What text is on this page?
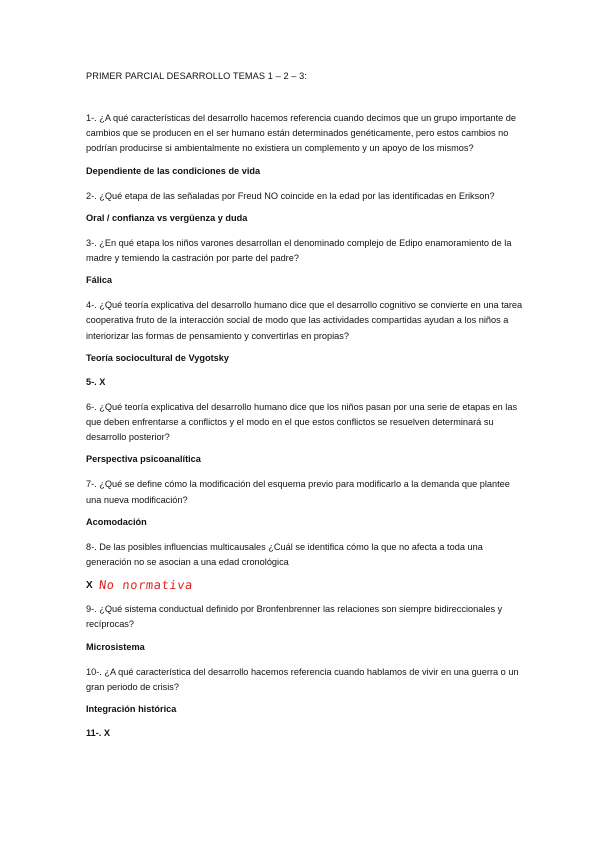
PRIMER PARCIAL DESARROLLO TEMAS 1 – 2 – 3:

1-. ¿A qué características del desarrollo hacemos referencia cuando decimos que un grupo importante de cambios que se producen en el ser humano están determinados genéticamente, pero estos cambios no podrían producirse si ambientalmente no existiera un complemento y un apoyo de los mismos?

Dependiente de las condiciones de vida

2-. ¿Qué etapa de las señaladas por Freud NO coincide en la edad por las identificadas en Erikson?

Oral / confianza vs vergüenza y duda

3-. ¿En qué etapa los niños varones desarrollan el denominado complejo de Edipo enamoramiento de la madre y temiendo la castración por parte del padre?

Fálica

4-. ¿Qué teoría explicativa del desarrollo humano dice que el desarrollo cognitivo se convierte en una tarea cooperativa fruto de la interacción social de modo que las actividades compartidas ayudan a los niños a interiorizar las formas de pensamiento y convertirlas en propias?

Teoría sociocultural de Vygotsky

5-. X

6-. ¿Qué teoría explicativa del desarrollo humano dice que los niños pasan por una serie de etapas en las que deben enfrentarse a conflictos y el modo en el que estos conflictos se resuelven determinará su desarrollo posterior?

Perspectiva psicoanalítica

7-. ¿Qué se define cómo la modificación del esquema previo para modificarlo a la demanda que plantee una nueva modificación?

Acomodación

8-. De las posibles influencias multicausales ¿Cuál se identifica cómo la que no afecta a toda una generación no se asocian a una edad cronológica

X No normativa

9-. ¿Qué sistema conductual definido por Bronfenbrenner las relaciones son siempre bidireccionales y recíprocas?

Microsistema

10-. ¿A qué característica del desarrollo hacemos referencia cuando hablamos de vivir en una guerra o un gran periodo de crisis?

Integración histórica

11-. X
